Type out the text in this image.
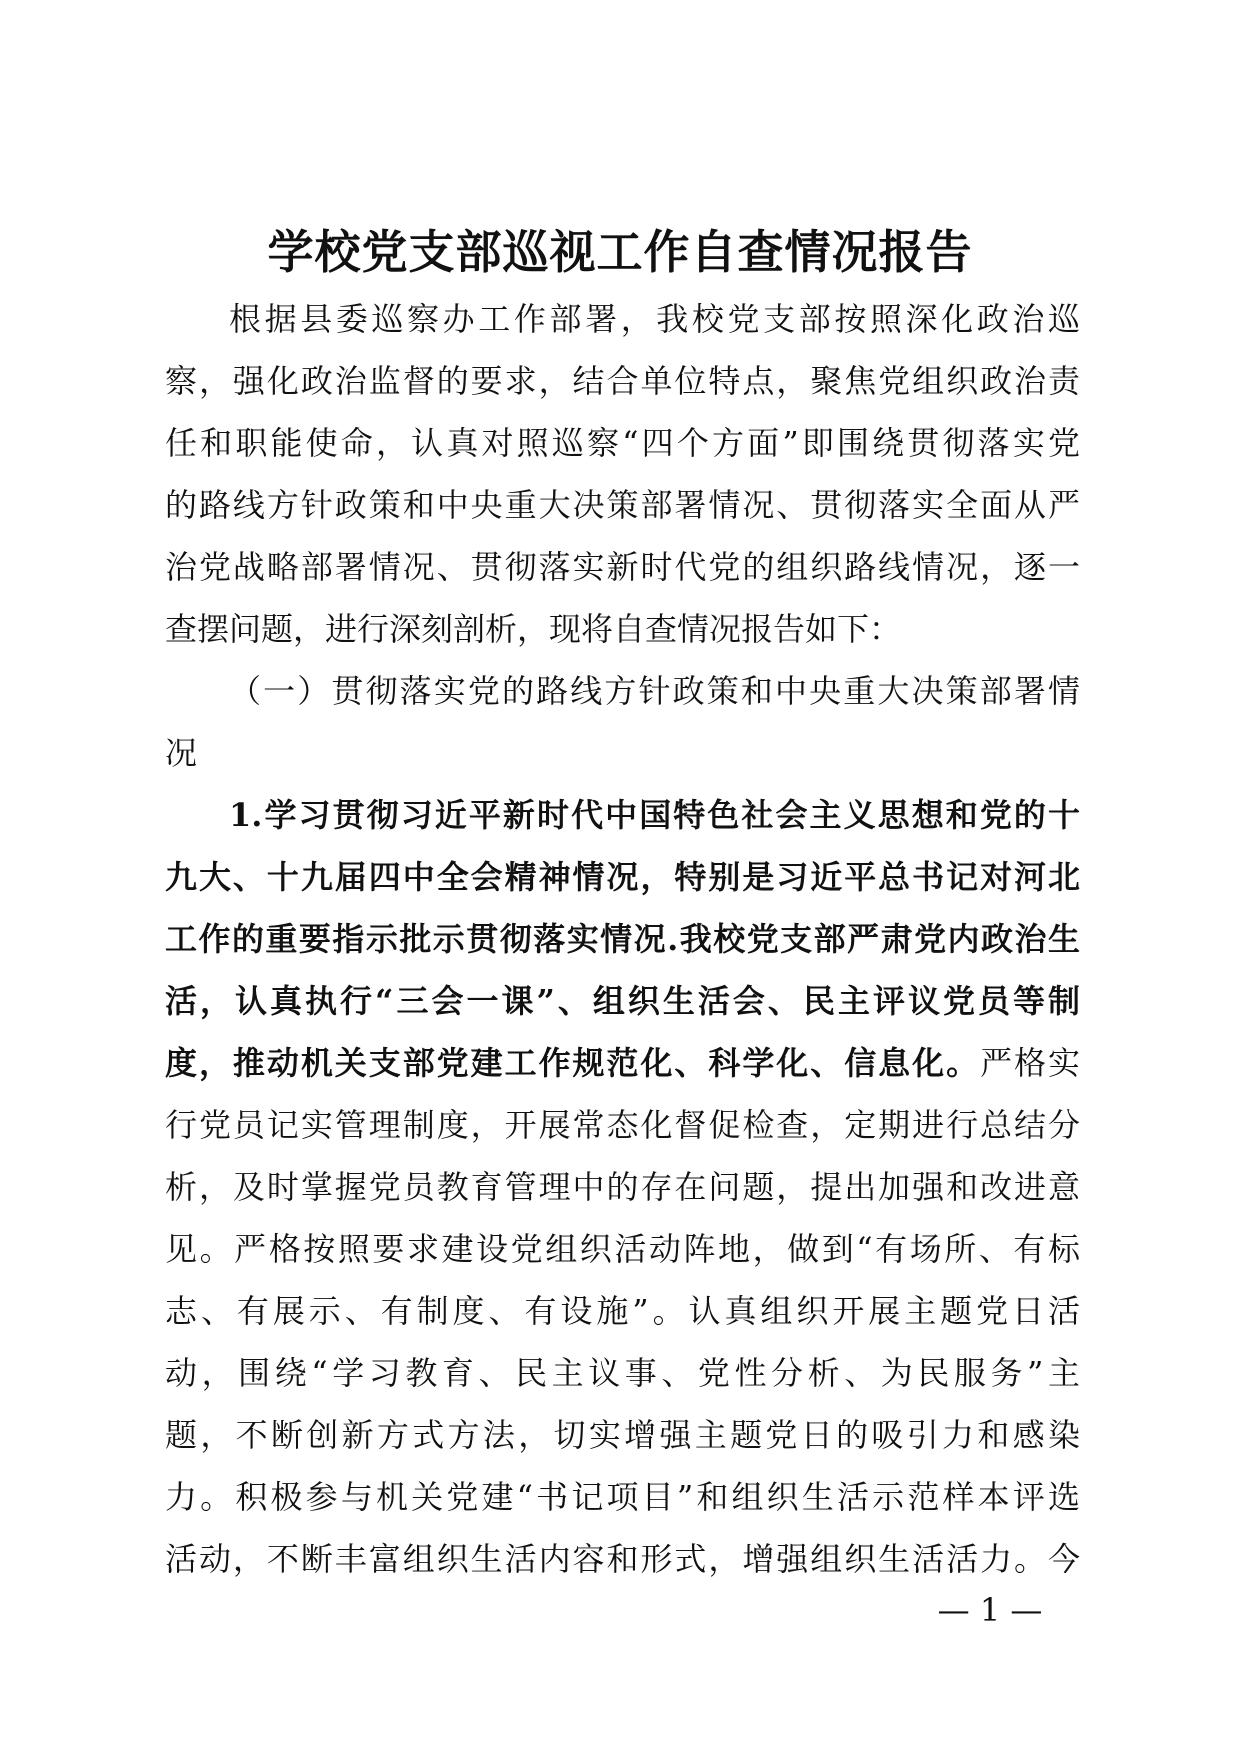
学校党支部巡视工作自查情况报告
根据县委巡察办工作部署，我校党支部按照深化政治巡
察，强化政治监督的要求，结合单位特点，聚焦党组织政治责
任和职能使命，认真对照巡察“四个方面”即围绕贯彻落实党
的路线方针政策和中央重大决策部署情况、贯彻落实全面从严
治党战略部署情况、贯彻落实新时代党的组织路线情况，逐一
查摆问题，进行深刻剖析，现将自查情况报告如下：
（一）贯彻落实党的路线方针政策和中央重大决策部署情
况
1.学习贯彻习近平新时代中国特色社会主义思想和党的十
九大、十九届四中全会精神情况，特别是习近平总书记对河北
工作的重要指示批示贯彻落实情况.我校党支部严肃党内政治生
活，认真执行“三会一课”、组织生活会、民主评议党员等制
度，推动机关支部党建工作规范化、科学化、信息化。严格实
行党员记实管理制度，开展常态化督促检查，定期进行总结分
析，及时掌握党员教育管理中的存在问题，提出加强和改进意
见。严格按照要求建设党组织活动阵地，做到“有场所、有标
志、有展示、有制度、有设施”。认真组织开展主题党日活
动，围绕“学习教育、民主议事、党性分析、为民服务”主
题，不断创新方式方法，切实增强主题党日的吸引力和感染
力。积极参与机关党建“书记项目”和组织生活示范样本评选
活动，不断丰富组织生活内容和形式，增强组织生活活力。今
— 1 —
